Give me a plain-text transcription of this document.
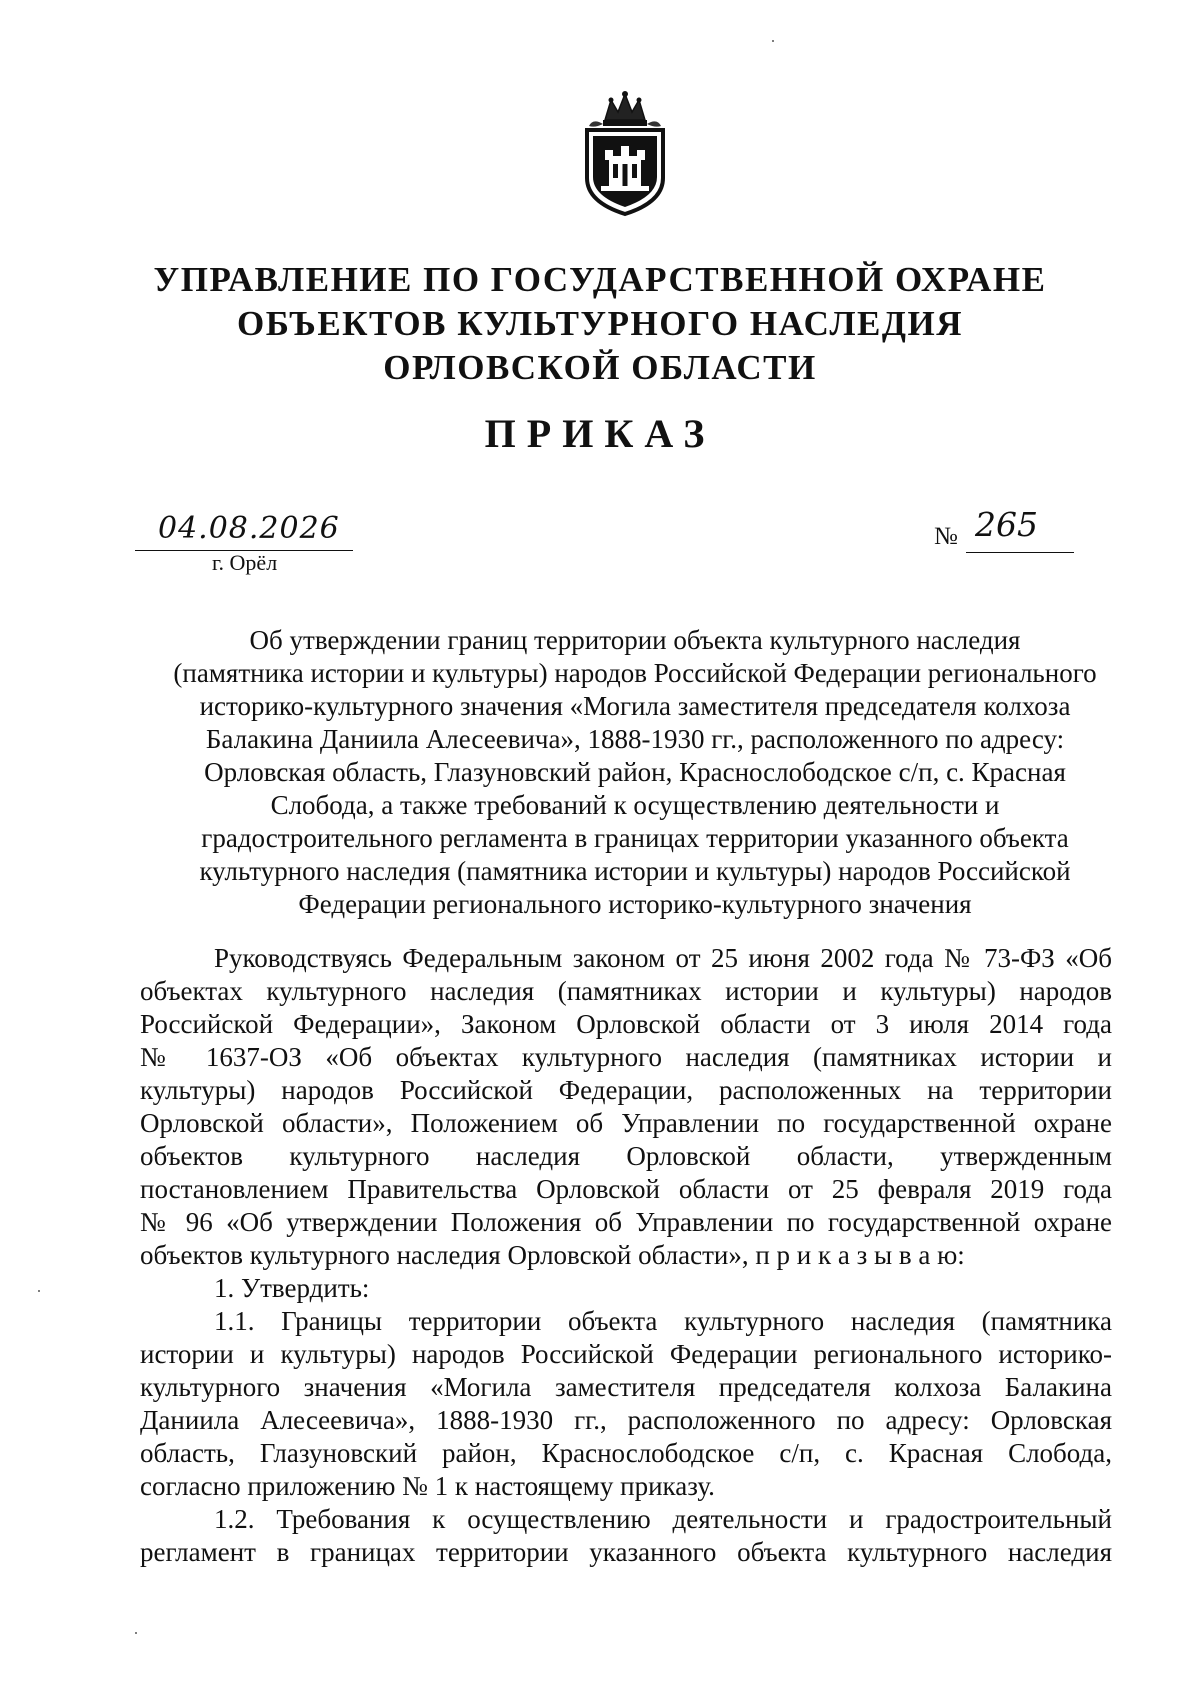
УПРАВЛЕНИЕ ПО ГОСУДАРСТВЕННОЙ ОХРАНЕ
ОБЪЕКТОВ КУЛЬТУРНОГО НАСЛЕДИЯ
ОРЛОВСКОЙ ОБЛАСТИ
ПРИКАЗ
04.08.2026
г. Орёл
№ 265
Об утверждении границ территории объекта культурного наследия
(памятника истории и культуры) народов Российской Федерации регионального
историко-культурного значения «Могила заместителя председателя колхоза
Балакина Даниила Алесеевича», 1888-1930 гг., расположенного по адресу:
Орловская область, Глазуновский район, Краснослободское с/п, с. Красная
Слобода, а также требований к осуществлению деятельности и
градостроительного регламента в границах территории указанного объекта
культурного наследия (памятника истории и культуры) народов Российской
Федерации регионального историко-культурного значения
Руководствуясь Федеральным законом от 25 июня 2002 года № 73-ФЗ «Об
объектах культурного наследия (памятниках истории и культуры) народов
Российской Федерации», Законом Орловской области от 3 июля 2014 года
№ 1637-ОЗ «Об объектах культурного наследия (памятниках истории и
культуры) народов Российской Федерации, расположенных на территории
Орловской области», Положением об Управлении по государственной охране
объектов культурного наследия Орловской области, утвержденным
постановлением Правительства Орловской области от 25 февраля 2019 года
№ 96 «Об утверждении Положения об Управлении по государственной охране
объектов культурного наследия Орловской области», п р и к а з ы в а ю:
1. Утвердить:
1.1. Границы территории объекта культурного наследия (памятника
истории и культуры) народов Российской Федерации регионального историко-
культурного значения «Могила заместителя председателя колхоза Балакина
Даниила Алесеевича», 1888-1930 гг., расположенного по адресу: Орловская
область, Глазуновский район, Краснослободское с/п, с. Красная Слобода,
согласно приложению № 1 к настоящему приказу.
1.2. Требования к осуществлению деятельности и градостроительный
регламент в границах территории указанного объекта культурного наследия
